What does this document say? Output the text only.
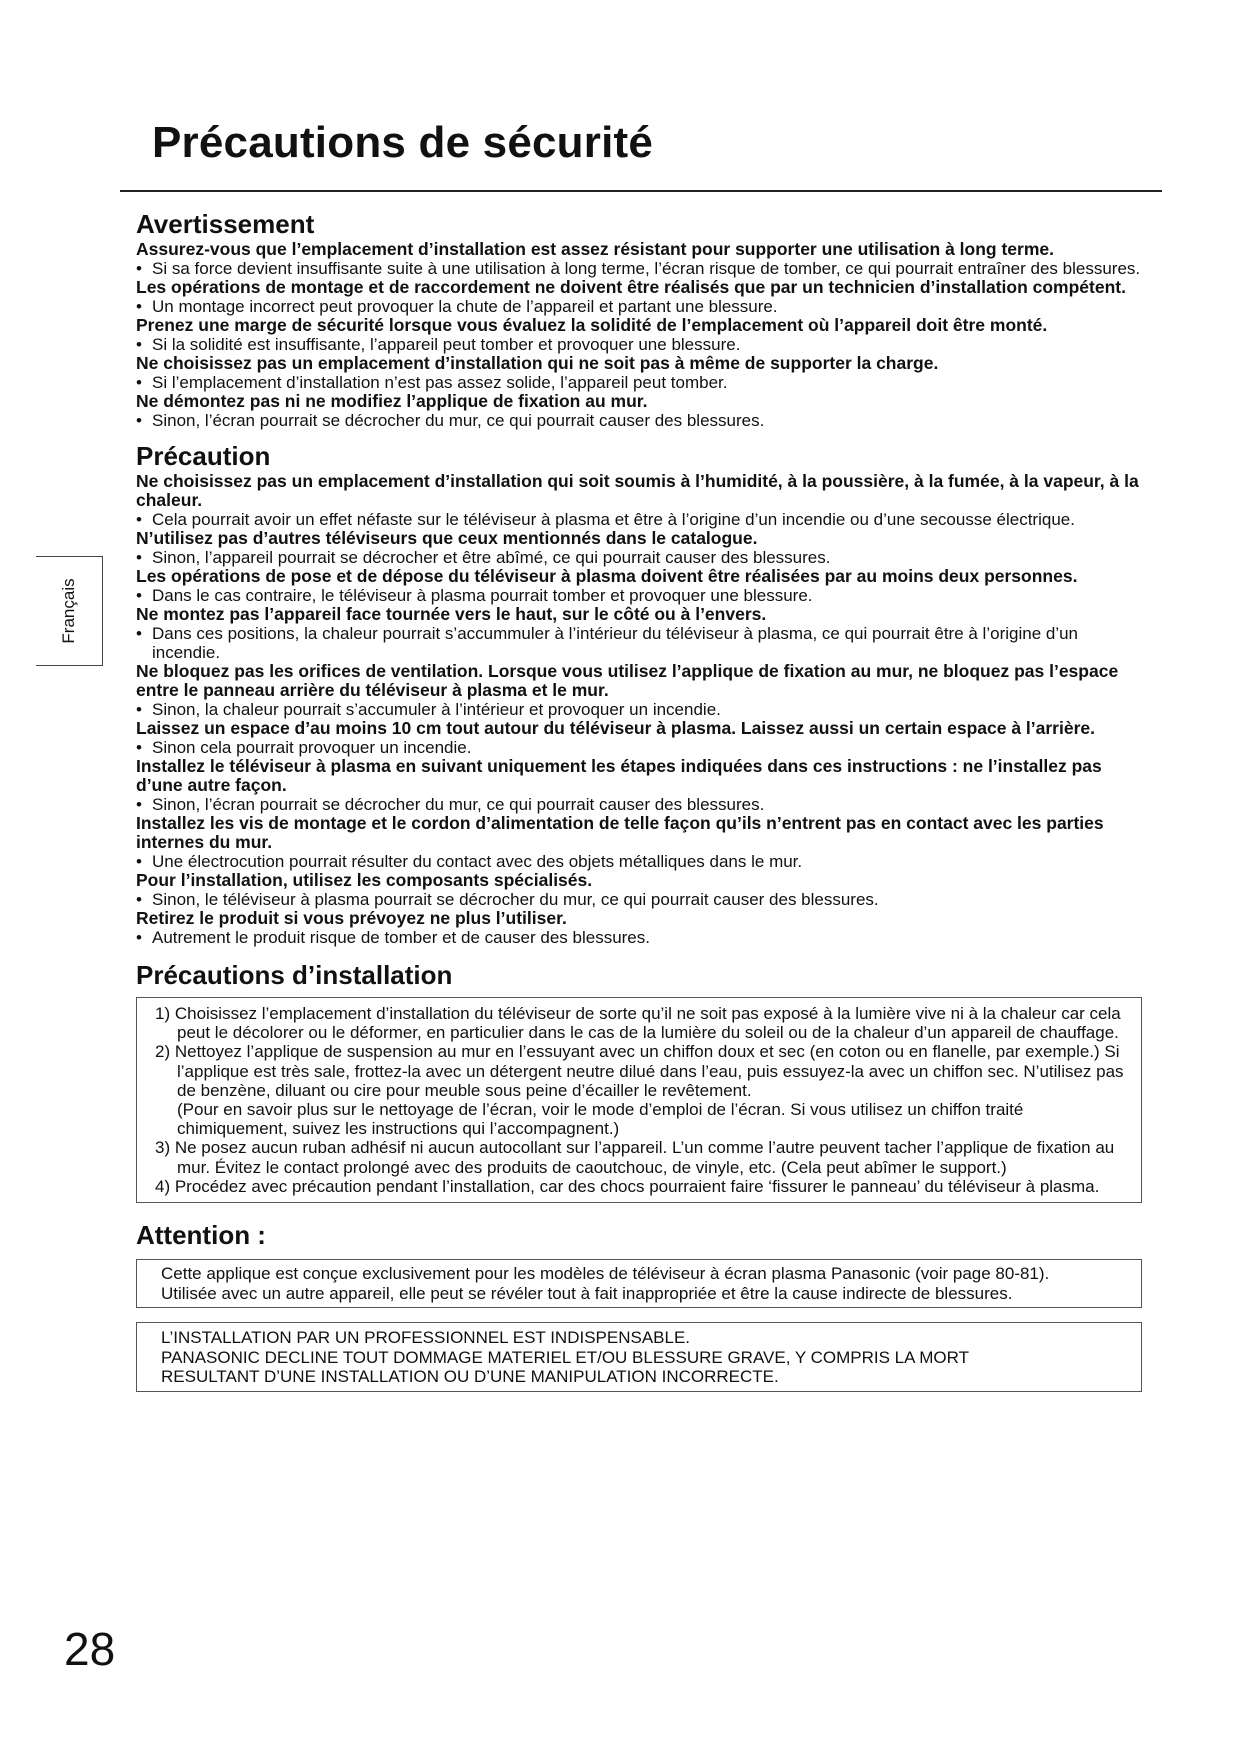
Précautions de sécurité
Français
Avertissement

Assurez-vous que l’emplacement d’installation est assez résistant pour supporter une utilisation à long terme.

• Si sa force devient insuffisante suite à une utilisation à long terme, l’écran risque de tomber, ce qui pourrait entraîner des blessures.

Les opérations de montage et de raccordement ne doivent être réalisés que par un technicien d’installation compétent.

• Un montage incorrect peut provoquer la chute de l’appareil et partant une blessure.

Prenez une marge de sécurité lorsque vous évaluez la solidité de l’emplacement où l’appareil doit être monté.

• Si la solidité est insuffisante, l’appareil peut tomber et provoquer une blessure.

Ne choisissez pas un emplacement d’installation qui ne soit pas à même de supporter la charge.

• Si l’emplacement d’installation n’est pas assez solide, l’appareil peut tomber.

Ne démontez pas ni ne modifiez l’applique de fixation au mur.

• Sinon, l’écran pourrait se décrocher du mur, ce qui pourrait causer des blessures.

Précaution

Ne choisissez pas un emplacement d’installation qui soit soumis à l’humidité, à la poussière, à la fumée, à la vapeur, à la chaleur.

• Cela pourrait avoir un effet néfaste sur le téléviseur à plasma et être à l’origine d’un incendie ou d’une secousse électrique.

N’utilisez pas d’autres téléviseurs que ceux mentionnés dans le catalogue.

• Sinon, l’appareil pourrait se décrocher et être abîmé, ce qui pourrait causer des blessures.

Les opérations de pose et de dépose du téléviseur à plasma doivent être réalisées par au moins deux personnes.

• Dans le cas contraire, le téléviseur à plasma pourrait tomber et provoquer une blessure.

Ne montez pas l’appareil face tournée vers le haut, sur le côté ou à l’envers.

• Dans ces positions, la chaleur pourrait s’accummuler à l’intérieur du téléviseur à plasma, ce qui pourrait être à l’origine d’un incendie.

Ne bloquez pas les orifices de ventilation. Lorsque vous utilisez l’applique de fixation au mur, ne bloquez pas l’espace entre le panneau arrière du téléviseur à plasma et le mur.

• Sinon, la chaleur pourrait s’accumuler à l’intérieur et provoquer un incendie.

Laissez un espace d’au moins 10 cm tout autour du téléviseur à plasma. Laissez aussi un certain espace à l’arrière.

• Sinon cela pourrait provoquer un incendie.

Installez le téléviseur à plasma en suivant uniquement les étapes indiquées dans ces instructions : ne l’installez pas d’une autre façon.

• Sinon, l’écran pourrait se décrocher du mur, ce qui pourrait causer des blessures.

Installez les vis de montage et le cordon d’alimentation de telle façon qu’ils n’entrent pas en contact avec les parties internes du mur.

• Une électrocution pourrait résulter du contact avec des objets métalliques dans le mur.

Pour l’installation, utilisez les composants spécialisés.

• Sinon, le téléviseur à plasma pourrait se décrocher du mur, ce qui pourrait causer des blessures.

Retirez le produit si vous prévoyez ne plus l’utiliser.

• Autrement le produit risque de tomber et de causer des blessures.

Précautions d’installation

1) Choisissez l’emplacement d’installation du téléviseur de sorte qu’il ne soit pas exposé à la lumière vive ni à la chaleur car cela peut le décolorer ou le déformer, en particulier dans le cas de la lumière du soleil ou de la chaleur d’un appareil de chauffage.

2) Nettoyez l’applique de suspension au mur en l’essuyant avec un chiffon doux et sec (en coton ou en flanelle, par exemple.) Si l’applique est très sale, frottez-la avec un détergent neutre dilué dans l’eau, puis essuyez-la avec un chiffon sec. N’utilisez pas de benzène, diluant ou cire pour meuble sous peine d’écailler le revêtement.

(Pour en savoir plus sur le nettoyage de l’écran, voir le mode d’emploi de l’écran. Si vous utilisez un chiffon traité chimiquement, suivez les instructions qui l’accompagnent.)

3) Ne posez aucun ruban adhésif ni aucun autocollant sur l’appareil. L’un comme l’autre peuvent tacher l’applique de fixation au mur. Évitez le contact prolongé avec des produits de caoutchouc, de vinyle, etc. (Cela peut abîmer le support.)

4) Procédez avec précaution pendant l’installation, car des chocs pourraient faire ‘fissurer le panneau’ du téléviseur à plasma.

Attention :

Cette applique est conçue exclusivement pour les modèles de téléviseur à écran plasma Panasonic (voir page 80-81).

Utilisée avec un autre appareil, elle peut se révéler tout à fait inappropriée et être la cause indirecte de blessures.

L’INSTALLATION PAR UN PROFESSIONNEL EST INDISPENSABLE.

PANASONIC DECLINE TOUT DOMMAGE MATERIEL ET/OU BLESSURE GRAVE, Y COMPRIS LA MORT

RESULTANT D’UNE INSTALLATION OU D’UNE MANIPULATION INCORRECTE.

28
